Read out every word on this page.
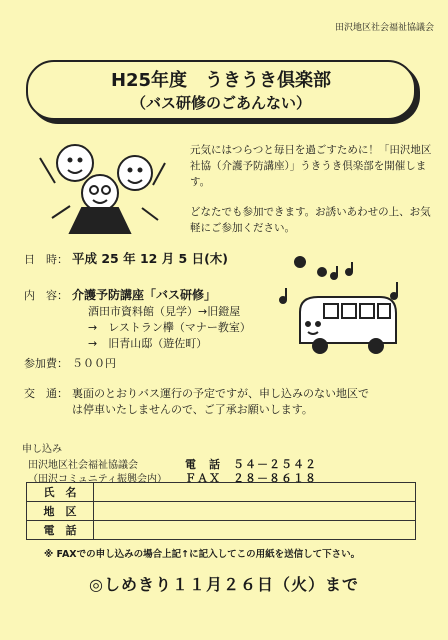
田沢地区社会福祉協議会
H25年度　うきうき倶楽部
（バス研修のごあんない）

元気にはつらつと毎日を過ごすために！「田沢地区社協（介護予防講座）」うきうき倶楽部を開催します。

どなたでも参加できます。お誘いあわせの上、お気軽にご参加ください。

日　時： 平成 25 年 12 月 5 日(木)
内　容： 介護予防講座「バス研修」
酒田市資料館（見学）→旧鐙屋
→　レストラン欅（マナー教室）
→　旧青山邸（遊佐町）
参加費： ５００円
交　通： 裏面のとおりバス運行の予定ですが、申し込みのない地区では停車いたしませんので、ご了承お願いします。
申し込み
田沢地区社会福祉協議会
（田沢コミュニティ振興会内）
電　話　５４－２５４２
ＦＡＸ　２８－８６１８
氏　名	
地　区	
電　話	
※ FAXでの申し込みの場合上記↑に記入してこの用紙を送信して下さい。
◎しめきり１１月２６日（火）まで
